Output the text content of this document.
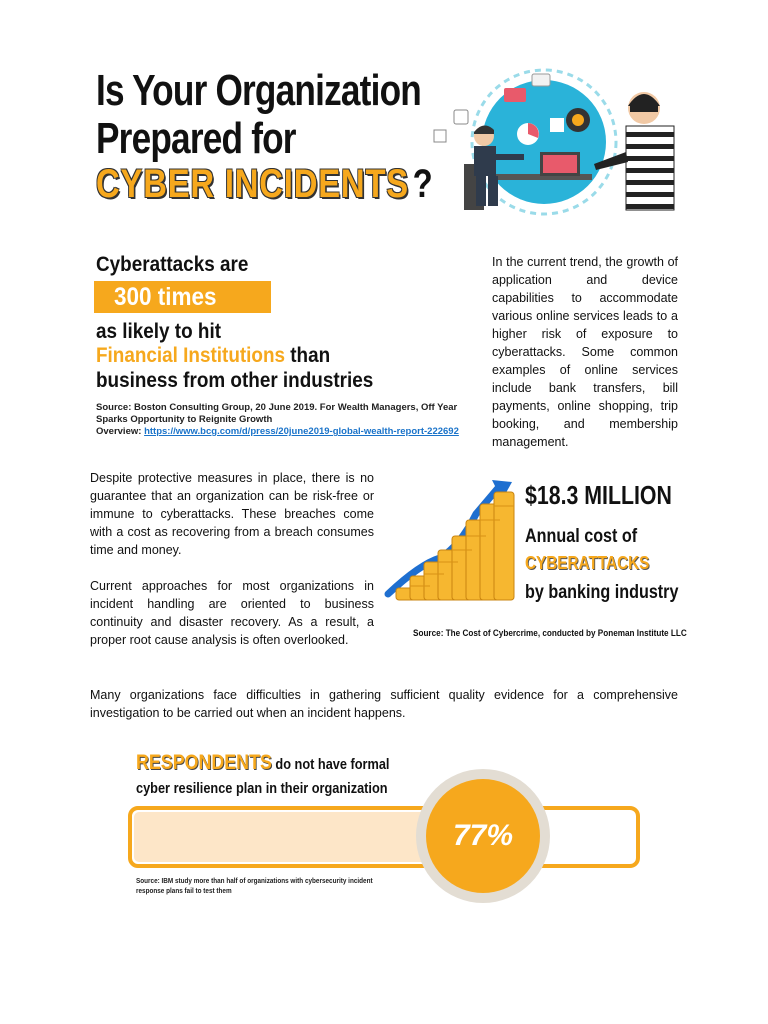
Is Your Organization
Prepared for
CYBER INCIDENTS ?
Cyberattacks are
300 times
as likely to hit
Financial Institutions than
business from other industries
Source: Boston Consulting Group, 20 June 2019. For Wealth Managers, Off Year Sparks Opportunity to Reignite Growth
Overview: https://www.bcg.com/d/press/20june2019-global-wealth-report-222692
In the current trend, the growth of application and device capabilities to accommodate various online services leads to a higher risk of exposure to cyberattacks. Some common examples of online services include bank transfers, bill payments, online shopping, trip booking, and membership management.
Despite protective measures in place, there is no guarantee that an organization can be risk-free or immune to cyberattacks. These breaches come with a cost as recovering from a breach consumes time and money.
Current approaches for most organizations in incident handling are oriented to business continuity and disaster recovery. As a result, a proper root cause analysis is often overlooked.
$18.3 MILLION
Annual cost of
CYBERATTACKS
by banking industry
Source: The Cost of Cybercrime, conducted by Poneman Institute LLC
Many organizations face difficulties in gathering sufficient quality evidence for a comprehensive investigation to be carried out when an incident happens.
RESPONDENTS do not have formal
cyber resilience plan in their organization
77%
Source: IBM study more than half of organizations with cybersecurity incident response plans fail to test them
